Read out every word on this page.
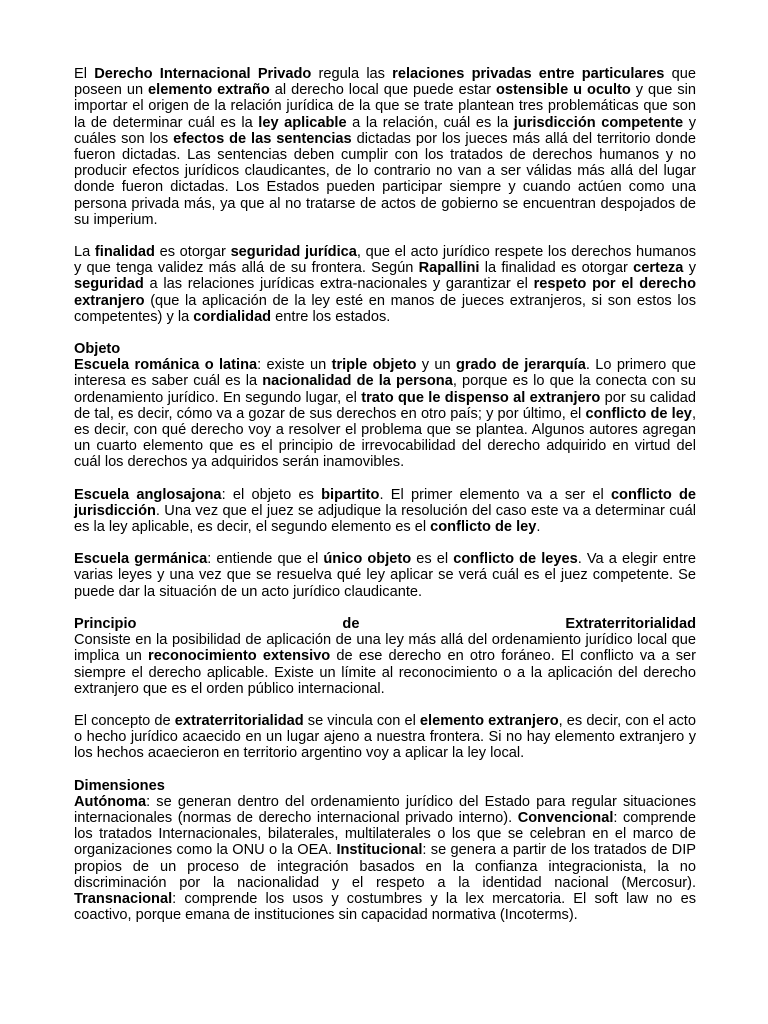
El Derecho Internacional Privado regula las relaciones privadas entre particulares que poseen un elemento extraño al derecho local que puede estar ostensible u oculto y que sin importar el origen de la relación jurídica de la que se trate plantean tres problemáticas que son la de determinar cuál es la ley aplicable a la relación, cuál es la jurisdicción competente y cuáles son los efectos de las sentencias dictadas por los jueces más allá del territorio donde fueron dictadas. Las sentencias deben cumplir con los tratados de derechos humanos y no producir efectos jurídicos claudicantes, de lo contrario no van a ser válidas más allá del lugar donde fueron dictadas. Los Estados pueden participar siempre y cuando actúen como una persona privada más, ya que al no tratarse de actos de gobierno se encuentran despojados de su imperium.

La finalidad es otorgar seguridad jurídica, que el acto jurídico respete los derechos humanos y que tenga validez más allá de su frontera. Según Rapallini la finalidad es otorgar certeza y seguridad a las relaciones jurídicas extra-nacionales y garantizar el respeto por el derecho extranjero (que la aplicación de la ley esté en manos de jueces extranjeros, si son estos los competentes) y la cordialidad entre los estados.

Objeto

Escuela románica o latina: existe un triple objeto y un grado de jerarquía. Lo primero que interesa es saber cuál es la nacionalidad de la persona, porque es lo que la conecta con su ordenamiento jurídico. En segundo lugar, el trato que le dispenso al extranjero por su calidad de tal, es decir, cómo va a gozar de sus derechos en otro país; y por último, el conflicto de ley, es decir, con qué derecho voy a resolver el problema que se plantea. Algunos autores agregan un cuarto elemento que es el principio de irrevocabilidad del derecho adquirido en virtud del cuál los derechos ya adquiridos serán inamovibles.

Escuela anglosajona: el objeto es bipartito. El primer elemento va a ser el conflicto de jurisdicción. Una vez que el juez se adjudique la resolución del caso este va a determinar cuál es la ley aplicable, es decir, el segundo elemento es el conflicto de ley.

Escuela germánica: entiende que el único objeto es el conflicto de leyes. Va a elegir entre varias leyes y una vez que se resuelva qué ley aplicar se verá cuál es el juez competente. Se puede dar la situación de un acto jurídico claudicante.

Principio	de	Extraterritorialidad

Consiste en la posibilidad de aplicación de una ley más allá del ordenamiento jurídico local que implica un reconocimiento extensivo de ese derecho en otro foráneo. El conflicto va a ser siempre el derecho aplicable. Existe un límite al reconocimiento o a la aplicación del derecho extranjero que es el orden público internacional.

El concepto de extraterritorialidad se vincula con el elemento extranjero, es decir, con el acto o hecho jurídico acaecido en un lugar ajeno a nuestra frontera. Si no hay elemento extranjero y los hechos acaecieron en territorio argentino voy a aplicar la ley local.

Dimensiones

Autónoma: se generan dentro del ordenamiento jurídico del Estado para regular situaciones internacionales (normas de derecho internacional privado interno). Convencional: comprende los tratados Internacionales, bilaterales, multilaterales o los que se celebran en el marco de organizaciones como la ONU o la OEA. Institucional: se genera a partir de los tratados de DIP propios de un proceso de integración basados en la confianza integracionista, la no discriminación por la nacionalidad y el respeto a la identidad nacional (Mercosur). Transnacional: comprende los usos y costumbres y la lex mercatoria. El soft law no es coactivo, porque emana de instituciones sin capacidad normativa (Incoterms).
